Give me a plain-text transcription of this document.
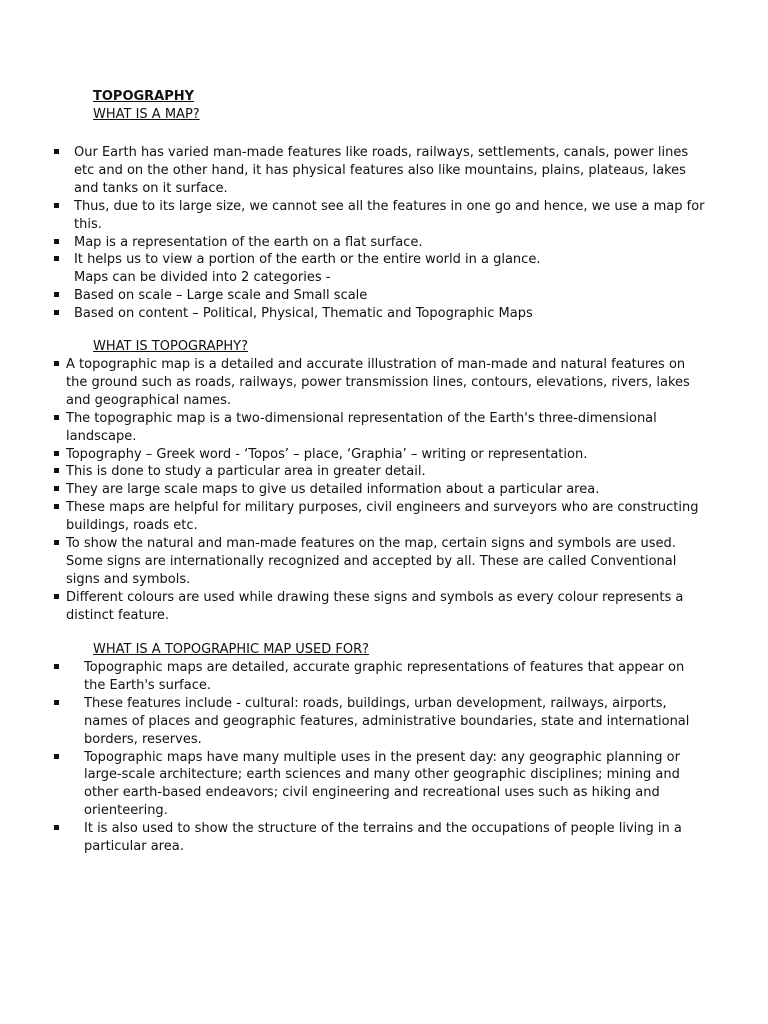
TOPOGRAPHY
WHAT IS A MAP?
Our Earth has varied man-made features like roads, railways, settlements, canals, power lines
etc and on the other hand, it has physical features also like mountains, plains, plateaus, lakes
and tanks on it surface.
Thus, due to its large size, we cannot see all the features in one go and hence, we use a map for
this.
Map is a representation of the earth on a flat surface.
It helps us to view a portion of the earth or the entire world in a glance.
Maps can be divided into 2 categories -
Based on scale – Large scale and Small scale
Based on content – Political, Physical, Thematic and Topographic Maps
WHAT IS TOPOGRAPHY?
A topographic map is a detailed and accurate illustration of man-made and natural features on
the ground such as roads, railways, power transmission lines, contours, elevations, rivers, lakes
and geographical names.
The topographic map is a two-dimensional representation of the Earth's three-dimensional
landscape.
Topography – Greek word - ‘Topos’ – place, ‘Graphia’ – writing or representation.
This is done to study a particular area in greater detail.
They are large scale maps to give us detailed information about a particular area.
These maps are helpful for military purposes, civil engineers and surveyors who are constructing
buildings, roads etc.
To show the natural and man-made features on the map, certain signs and symbols are used.
Some signs are internationally recognized and accepted by all. These are called Conventional
signs and symbols.
Different colours are used while drawing these signs and symbols as every colour represents a
distinct feature.
WHAT IS A TOPOGRAPHIC MAP USED FOR?
Topographic maps are detailed, accurate graphic representations of features that appear on
the Earth's surface.
These features include - cultural: roads, buildings, urban development, railways, airports,
names of places and geographic features, administrative boundaries, state and international
borders, reserves.
Topographic maps have many multiple uses in the present day: any geographic planning or
large-scale architecture; earth sciences and many other geographic disciplines; mining and
other earth-based endeavors; civil engineering and recreational uses such as hiking and
orienteering.
It is also used to show the structure of the terrains and the occupations of people living in a
particular area.
